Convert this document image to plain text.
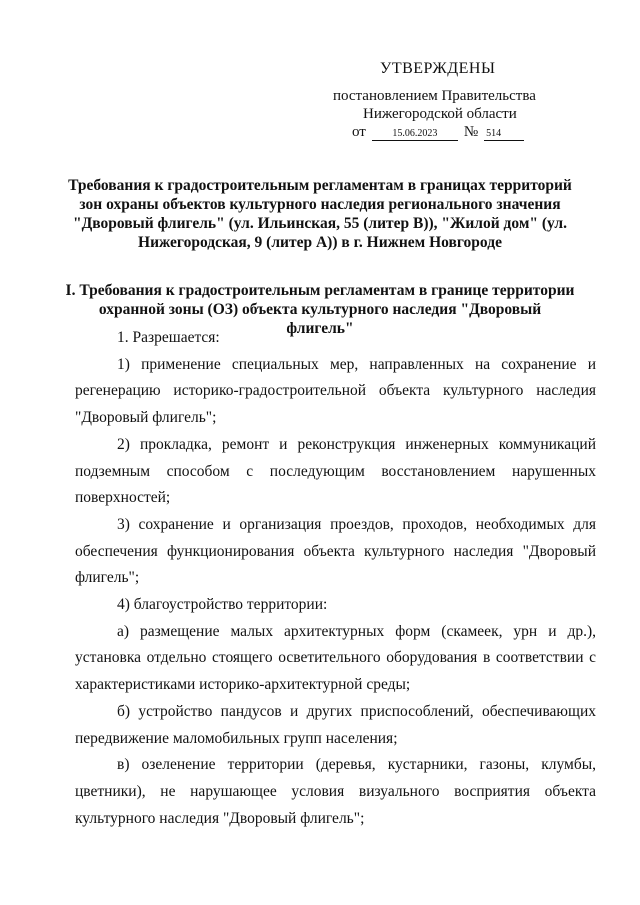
УТВЕРЖДЕНЫ
постановлением Правительства
Нижегородской области
от	15.06.2023	№ 514
Требования к градостроительным регламентам в границах территорий зон охраны объектов культурного наследия регионального значения "Дворовый флигель" (ул. Ильинская, 55 (литер В)), "Жилой дом" (ул. Нижегородская, 9 (литер А)) в г. Нижнем Новгороде
I. Требования к градостроительным регламентам в границе территории охранной зоны (ОЗ) объекта культурного наследия "Дворовый флигель"

1. Разрешается:

1) применение специальных мер, направленных на сохранение и регенерацию историко-градостроительной объекта культурного наследия "Дворовый флигель";

2) прокладка, ремонт и реконструкция инженерных коммуникаций подземным способом с последующим восстановлением нарушенных поверхностей;

3) сохранение и организация проездов, проходов, необходимых для обеспечения функционирования объекта культурного наследия "Дворовый флигель";

4) благоустройство территории:

а) размещение малых архитектурных форм (скамеек, урн и др.), установка отдельно стоящего осветительного оборудования в соответствии с характеристиками историко-архитектурной среды;

б) устройство пандусов и других приспособлений, обеспечивающих передвижение маломобильных групп населения;

в) озеленение территории (деревья, кустарники, газоны, клумбы, цветники), не нарушающее условия визуального восприятия объекта культурного наследия "Дворовый флигель";
